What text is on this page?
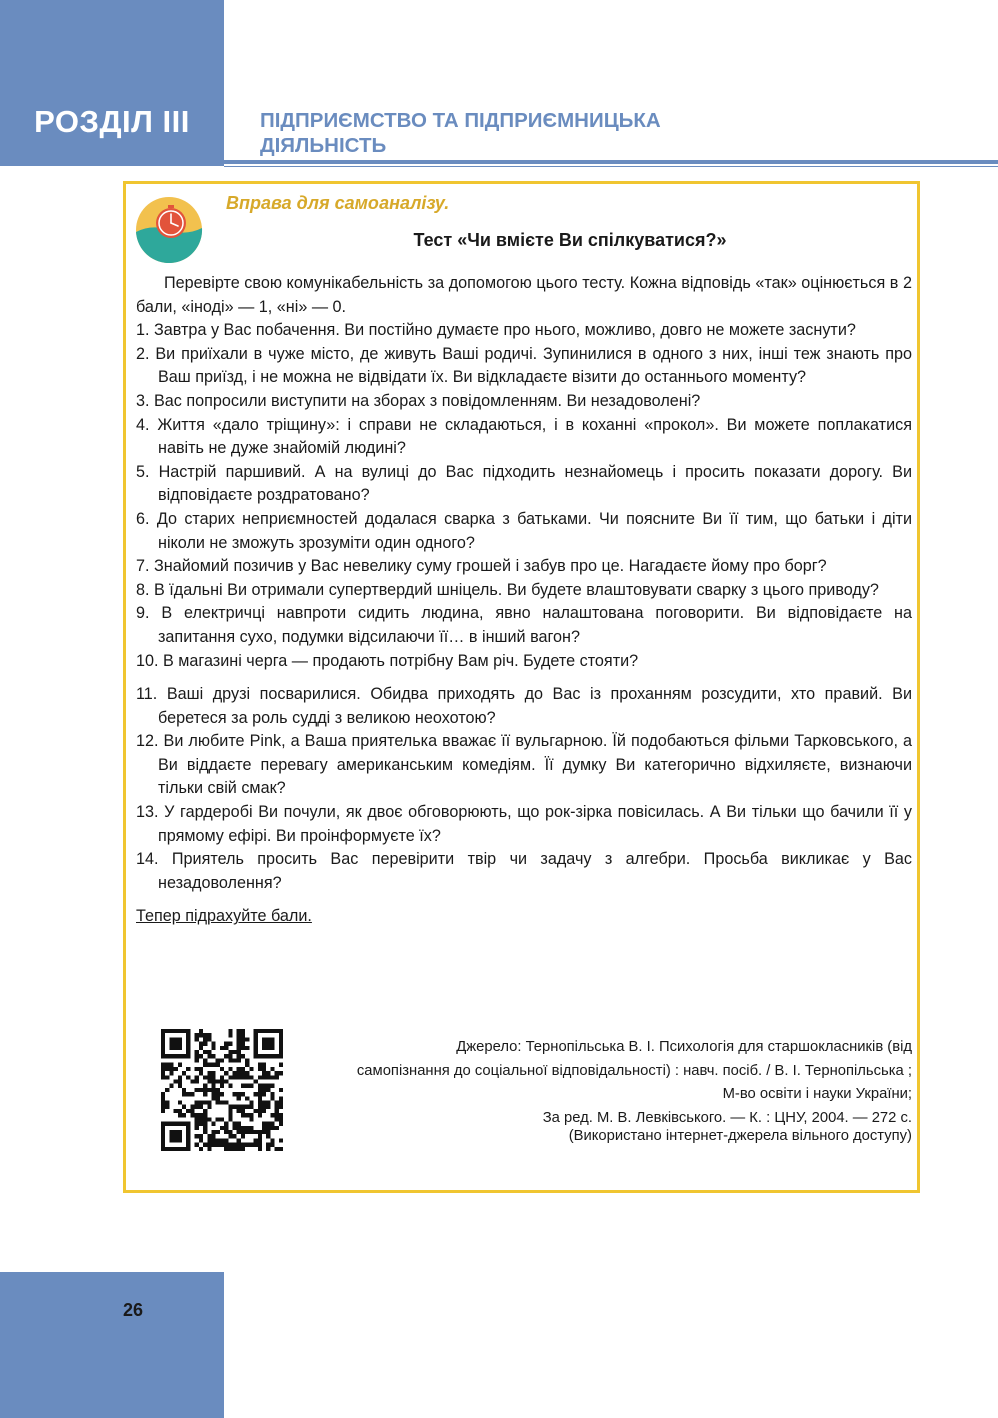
РОЗДІЛ III	ПІДПРИЄМСТВО ТА ПІДПРИЄМНИЦЬКА
ДІЯЛЬНІСТЬ
Вправа для самоаналізу.
Тест «Чи вмієте Ви спілкуватися?»

Перевірте свою комунікабельність за допомогою цього тесту. Кожна відповідь «так» оцінюється в 2 бали, «іноді» — 1, «ні» — 0.

1. Завтра у Вас побачення. Ви постійно думаєте про нього, можливо, довго не можете заснути?

2. Ви приїхали в чуже місто, де живуть Ваші родичі. Зупинилися в одного з них, інші теж знають про Ваш приїзд, і не можна не відвідати їх. Ви відкладаєте візити до останнього моменту?

3. Вас попросили виступити на зборах з повідомленням. Ви незадоволені?

4. Життя «дало тріщину»: і справи не складаються, і в коханні «прокол». Ви можете поплакатися навіть не дуже знайомій людині?

5. Настрій паршивий. А на вулиці до Вас підходить незнайомець і просить показати дорогу. Ви відповідаєте роздратовано?

6. До старих неприємностей додалася сварка з батьками. Чи поясните Ви її тим, що батьки і діти ніколи не зможуть зрозуміти один одного?

7. Знайомий позичив у Вас невелику суму грошей і забув про це. Нагадаєте йому про борг?

8. В їдальні Ви отримали супертвердий шніцель. Ви будете влаштовувати сварку з цього приводу?

9. В електричці навпроти сидить людина, явно налаштована поговорити. Ви відповідаєте на запитання сухо, подумки відсилаючи її… в інший вагон?

10. В магазині черга — продають потрібну Вам річ. Будете стояти?

11. Ваші друзі посварилися. Обидва приходять до Вас із проханням розсудити, хто правий. Ви беретеся за роль судді з великою неохотою?

12. Ви любите Pink, а Ваша приятелька вважає її вульгарною. Їй подобаються фільми Тарковського, а Ви віддаєте перевагу американським комедіям. Її думку Ви категорично відхиляєте, визнаючи тільки свій смак?

13. У гардеробі Ви почули, як двоє обговорюють, що рок-зірка повісилась. А Ви тільки що бачили її у прямому ефірі. Ви проінформуєте їх?

14. Приятель просить Вас перевірити твір чи задачу з алгебри. Просьба викликає у Вас незадоволення?

Тепер підрахуйте бали.
Джерело: Тернопільська В. І. Психологія для старшокласників (від
самопізнання до соціальної відповідальності) : навч. посіб. / В. І. Тернопільська ;
М-во освіти і науки України;
За ред. М. В. Левківського. — К. : ЦНУ, 2004. — 272 с.
(Використано інтернет-джерела вільного доступу)
26
